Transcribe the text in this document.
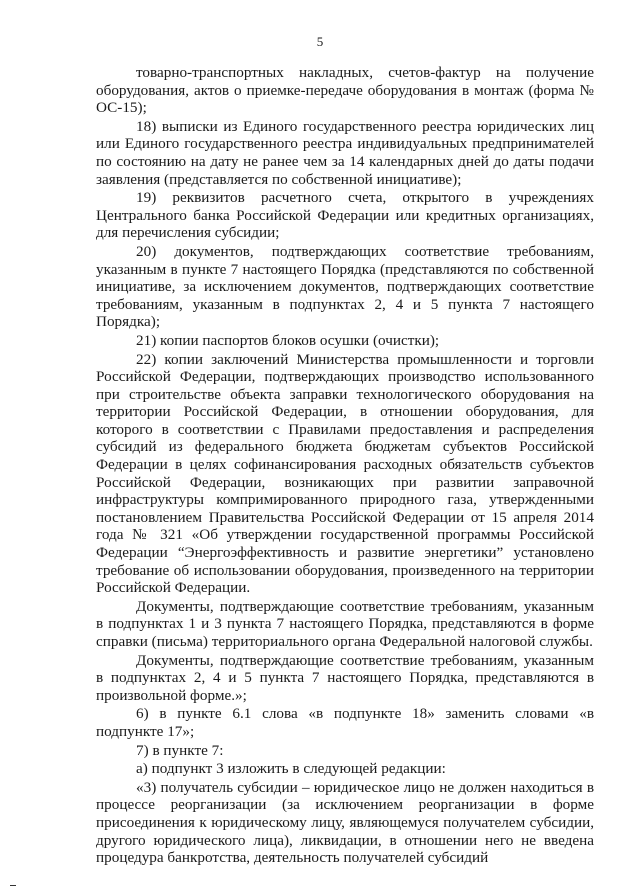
5

товарно-транспортных накладных, счетов-фактур на получение оборудования, актов о приемке-передаче оборудования в монтаж (форма № ОС-15);

18) выписки из Единого государственного реестра юридических лиц или Единого государственного реестра индивидуальных предпринимателей по состоянию на дату не ранее чем за 14 календарных дней до даты подачи заявления (представляется по собственной инициативе);

19) реквизитов расчетного счета, открытого в учреждениях Центрального банка Российской Федерации или кредитных организациях, для перечисления субсидии;

20) документов, подтверждающих соответствие требованиям, указанным в пункте 7 настоящего Порядка (представляются по собственной инициативе, за исключением документов, подтверждающих соответствие требованиям, указанным в подпунктах 2, 4 и 5 пункта 7 настоящего Порядка);

21) копии паспортов блоков осушки (очистки);

22) копии заключений Министерства промышленности и торговли Российской Федерации, подтверждающих производство использованного при строительстве объекта заправки технологического оборудования на территории Российской Федерации, в отношении оборудования, для которого в соответствии с Правилами предоставления и распределения субсидий из федерального бюджета бюджетам субъектов Российской Федерации в целях софинансирования расходных обязательств субъектов Российской Федерации, возникающих при развитии заправочной инфраструктуры компримированного природного газа, утвержденными постановлением Правительства Российской Федерации от 15 апреля 2014 года № 321 «Об утверждении государственной программы Российской Федерации “Энергоэффективность и развитие энергетики” установлено требование об использовании оборудования, произведенного на территории Российской Федерации.

Документы, подтверждающие соответствие требованиям, указанным в подпунктах 1 и 3 пункта 7 настоящего Порядка, представляются в форме справки (письма) территориального органа Федеральной налоговой службы.

Документы, подтверждающие соответствие требованиям, указанным в подпунктах 2, 4 и 5 пункта 7 настоящего Порядка, представляются в произвольной форме.»;

6) в пункте 6.1 слова «в подпункте 18» заменить словами «в подпункте 17»;

7) в пункте 7:

а) подпункт 3 изложить в следующей редакции:

«3) получатель субсидии – юридическое лицо не должен находиться в процессе реорганизации (за исключением реорганизации в форме присоединения к юридическому лицу, являющемуся получателем субсидии, другого юридического лица), ликвидации, в отношении него не введена процедура банкротства, деятельность получателей субсидий
